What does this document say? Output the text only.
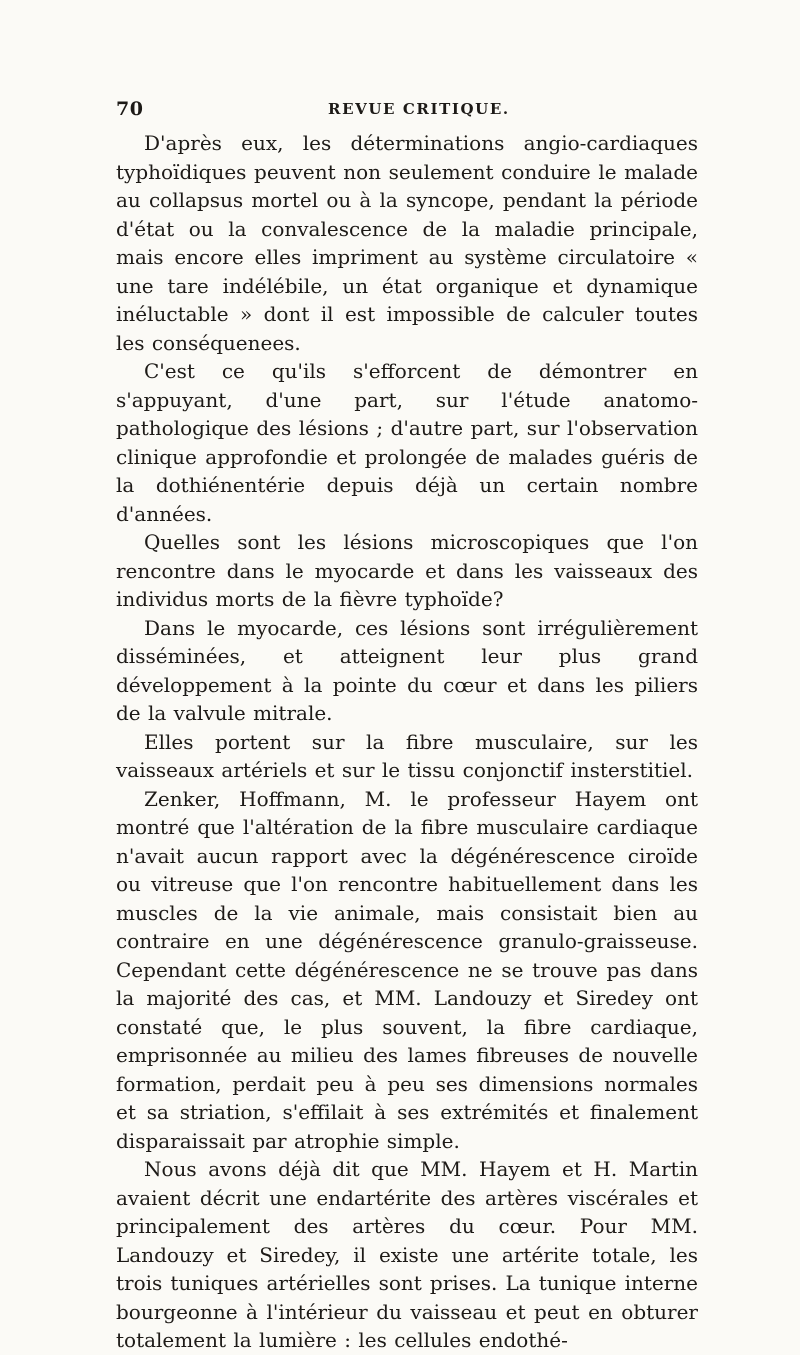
70	REVUE CRITIQUE.

D'après eux, les déterminations angio-cardiaques typhoïdiques peuvent non seulement conduire le malade au collapsus mortel ou à la syncope, pendant la période d'état ou la convalescence de la maladie principale, mais encore elles impriment au système circulatoire « une tare indélébile, un état organique et dynamique inéluctable » dont il est impossible de calculer toutes les conséquenees.

C'est ce qu'ils s'efforcent de démontrer en s'appuyant, d'une part, sur l'étude anatomo-pathologique des lésions ; d'autre part, sur l'observation clinique approfondie et prolongée de malades guéris de la dothiénentérie depuis déjà un certain nombre d'années.

Quelles sont les lésions microscopiques que l'on rencontre dans le myocarde et dans les vaisseaux des individus morts de la fièvre typhoïde?

Dans le myocarde, ces lésions sont irrégulièrement disséminées, et atteignent leur plus grand développement à la pointe du cœur et dans les piliers de la valvule mitrale.

Elles portent sur la fibre musculaire, sur les vaisseaux artériels et sur le tissu conjonctif insterstitiel.

Zenker, Hoffmann, M. le professeur Hayem ont montré que l'altération de la fibre musculaire cardiaque n'avait aucun rapport avec la dégénérescence ciroïde ou vitreuse que l'on rencontre habituellement dans les muscles de la vie animale, mais consistait bien au contraire en une dégénérescence granulo-graisseuse. Cependant cette dégénérescence ne se trouve pas dans la majorité des cas, et MM. Landouzy et Siredey ont constaté que, le plus souvent, la fibre cardiaque, emprisonnée au milieu des lames fibreuses de nouvelle formation, perdait peu à peu ses dimensions normales et sa striation, s'effilait à ses extrémités et finalement disparaissait par atrophie simple.

Nous avons déjà dit que MM. Hayem et H. Martin avaient décrit une endartérite des artères viscérales et principalement des artères du cœur. Pour MM. Landouzy et Siredey, il existe une artérite totale, les trois tuniques artérielles sont prises. La tunique interne bourgeonne à l'intérieur du vaisseau et peut en obturer totalement la lumière : les cellules endothé-
